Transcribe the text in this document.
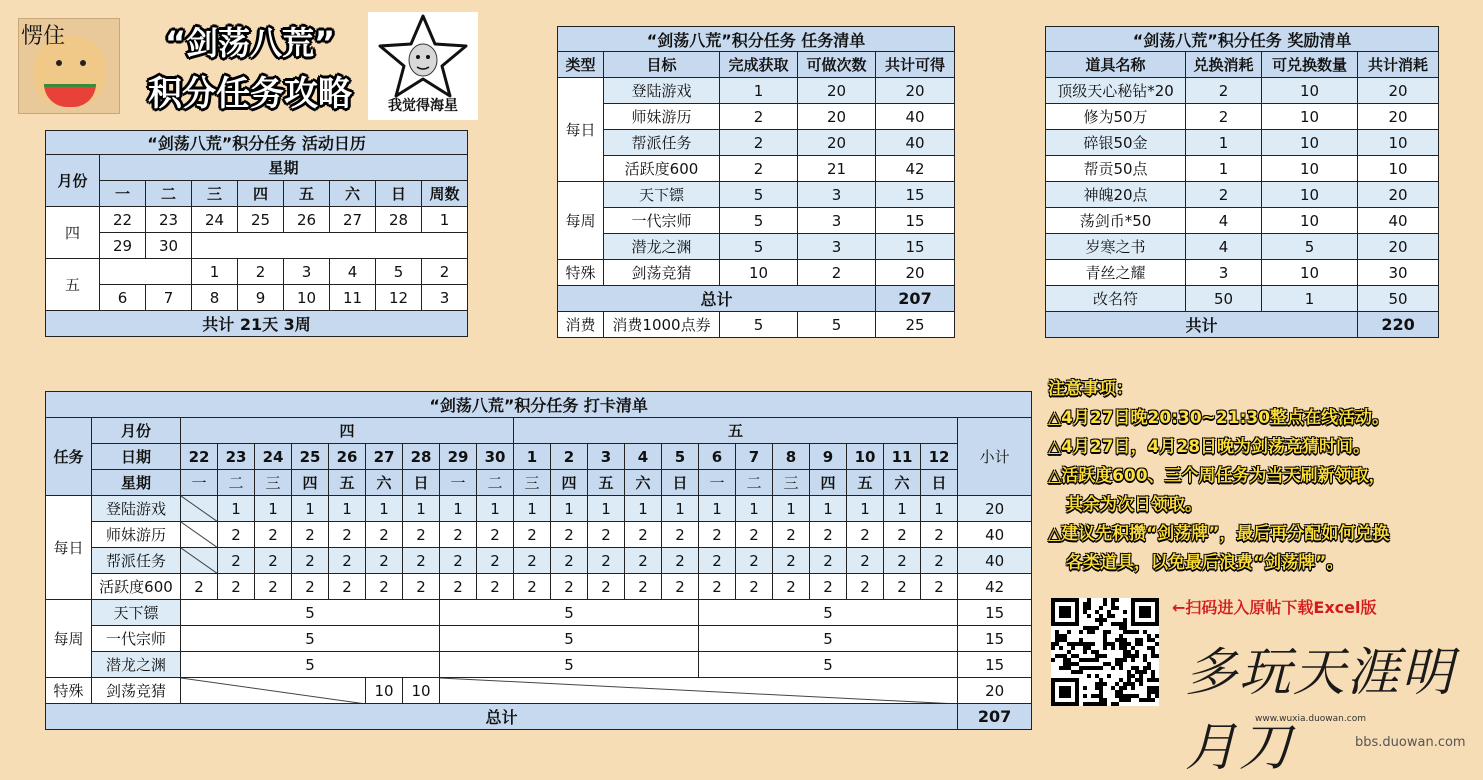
愣住	“剑荡八荒”
积分任务攻略	我觉得海星
“剑荡八荒”积分任务 活动日历								
月份	星期							
	一	二	三	四	五	六	日	周数
四	22	23	24	25	26	27	28	1
	29	30						
五			1	2	3	4	5	2
	6	7	8	9	10	11	12	3
共计 21天 3周								
“剑荡八荒”积分任务 任务清单				
类型	目标	完成获取	可做次数	共计可得
每日	登陆游戏	1	20	20
	师妹游历	2	20	40
	帮派任务	2	20	40
	活跃度600	2	21	42
每周	天下镖	5	3	15
	一代宗师	5	3	15
	潜龙之渊	5	3	15
特殊	剑荡竞猜	10	2	20
总计				207
消费	消费1000点券	5	5	25
“剑荡八荒”积分任务 奖励清单			
道具名称	兑换消耗	可兑换数量	共计消耗
顶级天心秘钻*20	2	10	20
修为50万	2	10	20
碎银50金	1	10	10
帮贡50点	1	10	10
神魄20点	2	10	20
荡剑币*50	4	10	40
岁寒之书	4	5	20
青丝之耀	3	10	30
改名符	50	1	50
共计			220
“剑荡八荒”积分任务 打卡清单																							
任务	月份	四									五												小计
	日期	22	23	24	25	26	27	28	29	30	1	2	3	4	5	6	7	8	9	10	11	12	
	星期	一	二	三	四	五	六	日	一	二	三	四	五	六	日	一	二	三	四	五	六	日	
每日	登陆游戏		1	1	1	1	1	1	1	1	1	1	1	1	1	1	1	1	1	1	1	1	20
	师妹游历		2	2	2	2	2	2	2	2	2	2	2	2	2	2	2	2	2	2	2	2	40
	帮派任务		2	2	2	2	2	2	2	2	2	2	2	2	2	2	2	2	2	2	2	2	40
	活跃度600	2	2	2	2	2	2	2	2	2	2	2	2	2	2	2	2	2	2	2	2	2	42
每周	天下镖	5							5							5							15
	一代宗师	5							5							5							15
	潜龙之渊	5							5							5							15
特殊	剑荡竞猜						10	10															20
总计																							207
注意事项：
△4月27日晚20:30~21:30整点在线活动。
△4月27日，4月28日晚为剑荡竞猜时间。
△活跃度600、三个周任务为当天刷新领取，
其余为次日领取。
△建议先积攒“剑荡牌”，最后再分配如何兑换
各类道具，以免最后浪费“剑荡牌”。
←扫码进入原帖下载Excel版
多玩天涯明月刀
www.wuxia.duowan.com
bbs.duowan.com
